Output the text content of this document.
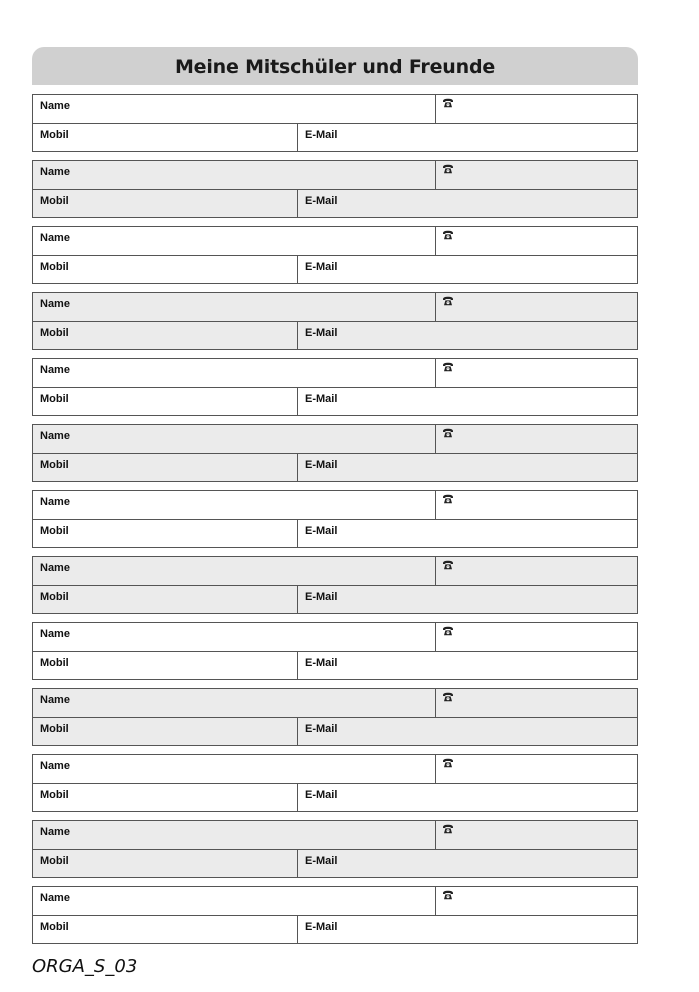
Meine Mitschüler und Freunde
Name
Mobil	E-Mail
Name
Mobil	E-Mail
Name
Mobil	E-Mail
Name
Mobil	E-Mail
Name
Mobil	E-Mail
Name
Mobil	E-Mail
Name
Mobil	E-Mail
Name
Mobil	E-Mail
Name
Mobil	E-Mail
Name
Mobil	E-Mail
Name
Mobil	E-Mail
Name
Mobil	E-Mail
Name
Mobil	E-Mail
ORGA_S_03
